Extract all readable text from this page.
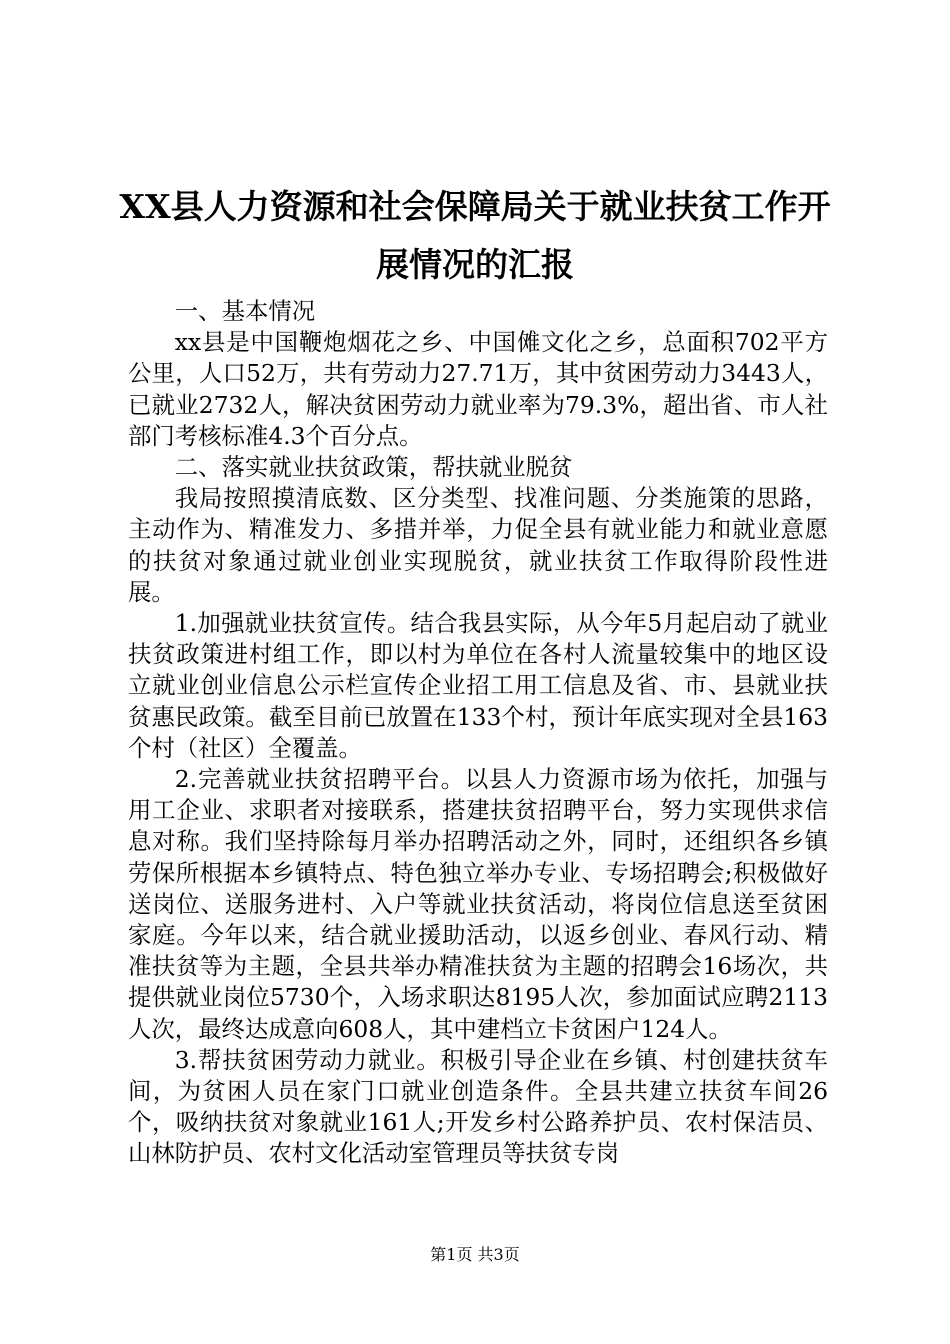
XX县人力资源和社会保障局关于就业扶贫工作开展情况的汇报

一、基本情况

xx县是中国鞭炮烟花之乡、中国傩文化之乡，总面积702平方公里，人口52万，共有劳动力27.71万，其中贫困劳动力3443人，已就业2732人，解决贫困劳动力就业率为79.3%，超出省、市人社部门考核标准4.3个百分点。

二、落实就业扶贫政策，帮扶就业脱贫

我局按照摸清底数、区分类型、找准问题、分类施策的思路，主动作为、精准发力、多措并举，力促全县有就业能力和就业意愿的扶贫对象通过就业创业实现脱贫，就业扶贫工作取得阶段性进展。

1.加强就业扶贫宣传。结合我县实际，从今年5月起启动了就业扶贫政策进村组工作，即以村为单位在各村人流量较集中的地区设立就业创业信息公示栏宣传企业招工用工信息及省、市、县就业扶贫惠民政策。截至目前已放置在133个村，预计年底实现对全县163个村（社区）全覆盖。

2.完善就业扶贫招聘平台。以县人力资源市场为依托，加强与用工企业、求职者对接联系，搭建扶贫招聘平台，努力实现供求信息对称。我们坚持除每月举办招聘活动之外，同时，还组织各乡镇劳保所根据本乡镇特点、特色独立举办专业、专场招聘会;积极做好送岗位、送服务进村、入户等就业扶贫活动，将岗位信息送至贫困家庭。今年以来，结合就业援助活动，以返乡创业、春风行动、精准扶贫等为主题，全县共举办精准扶贫为主题的招聘会16场次，共提供就业岗位5730个，入场求职达8195人次，参加面试应聘2113人次，最终达成意向608人，其中建档立卡贫困户124人。

3.帮扶贫困劳动力就业。积极引导企业在乡镇、村创建扶贫车间，为贫困人员在家门口就业创造条件。全县共建立扶贫车间26个，吸纳扶贫对象就业161人;开发乡村公路养护员、农村保洁员、山林防护员、农村文化活动室管理员等扶贫专岗

第1页 共3页
